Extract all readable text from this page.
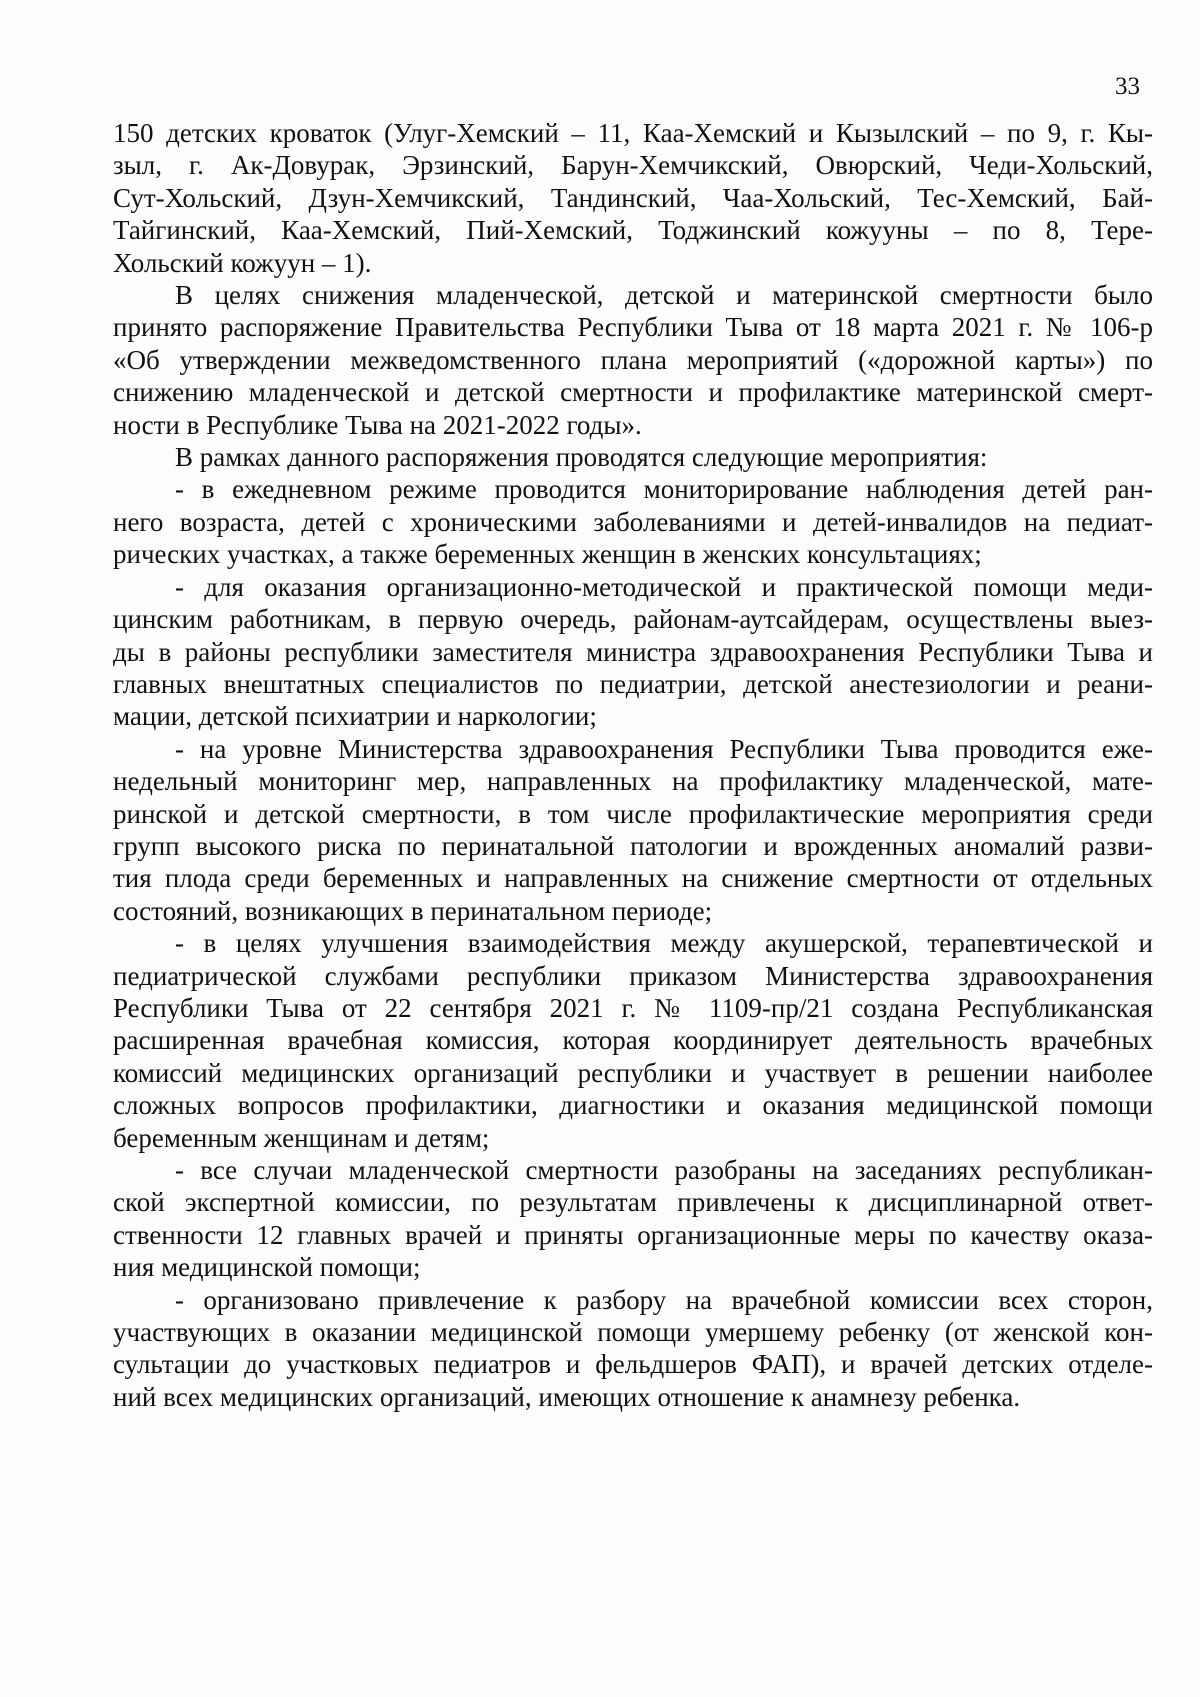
33

150 детских кроваток (Улуг-Хемский – 11, Каа-Хемский и Кызылский – по 9, г. Кы-
зыл, г. Ак-Довурак, Эрзинский, Барун-Хемчикский, Овюрский, Чеди-Хольский,
Сут-Хольский, Дзун-Хемчикский, Тандинский, Чаа-Хольский, Тес-Хемский, Бай-
Тайгинский, Каа-Хемский, Пий-Хемский, Тоджинский кожууны – по 8, Тере-
Хольский кожуун – 1).

В целях снижения младенческой, детской и материнской смертности было
принято распоряжение Правительства Республики Тыва от 18 марта 2021 г. № 106-р
«Об утверждении межведомственного плана мероприятий («дорожной карты») по
снижению младенческой и детской смертности и профилактике материнской смерт-
ности в Республике Тыва на 2021-2022 годы».

В рамках данного распоряжения проводятся следующие мероприятия:

- в ежедневном режиме проводится мониторирование наблюдения детей ран-
него возраста, детей с хроническими заболеваниями и детей-инвалидов на педиат-
рических участках, а также беременных женщин в женских консультациях;

- для оказания организационно-методической и практической помощи меди-
цинским работникам, в первую очередь, районам-аутсайдерам, осуществлены выез-
ды в районы республики заместителя министра здравоохранения Республики Тыва и
главных внештатных специалистов по педиатрии, детской анестезиологии и реани-
мации, детской психиатрии и наркологии;

- на уровне Министерства здравоохранения Республики Тыва проводится еже-
недельный мониторинг мер, направленных на профилактику младенческой, мате-
ринской и детской смертности, в том числе профилактические мероприятия среди
групп высокого риска по перинатальной патологии и врожденных аномалий разви-
тия плода среди беременных и направленных на снижение смертности от отдельных
состояний, возникающих в перинатальном периоде;

- в целях улучшения взаимодействия между акушерской, терапевтической и
педиатрической службами республики приказом Министерства здравоохранения
Республики Тыва от 22 сентября 2021 г. № 1109-пр/21 создана Республиканская
расширенная врачебная комиссия, которая координирует деятельность врачебных
комиссий медицинских организаций республики и участвует в решении наиболее
сложных вопросов профилактики, диагностики и оказания медицинской помощи
беременным женщинам и детям;

- все случаи младенческой смертности разобраны на заседаниях республикан-
ской экспертной комиссии, по результатам привлечены к дисциплинарной ответ-
ственности 12 главных врачей и приняты организационные меры по качеству оказа-
ния медицинской помощи;

- организовано привлечение к разбору на врачебной комиссии всех сторон,
участвующих в оказании медицинской помощи умершему ребенку (от женской кон-
сультации до участковых педиатров и фельдшеров ФАП), и врачей детских отделе-
ний всех медицинских организаций, имеющих отношение к анамнезу ребенка.
